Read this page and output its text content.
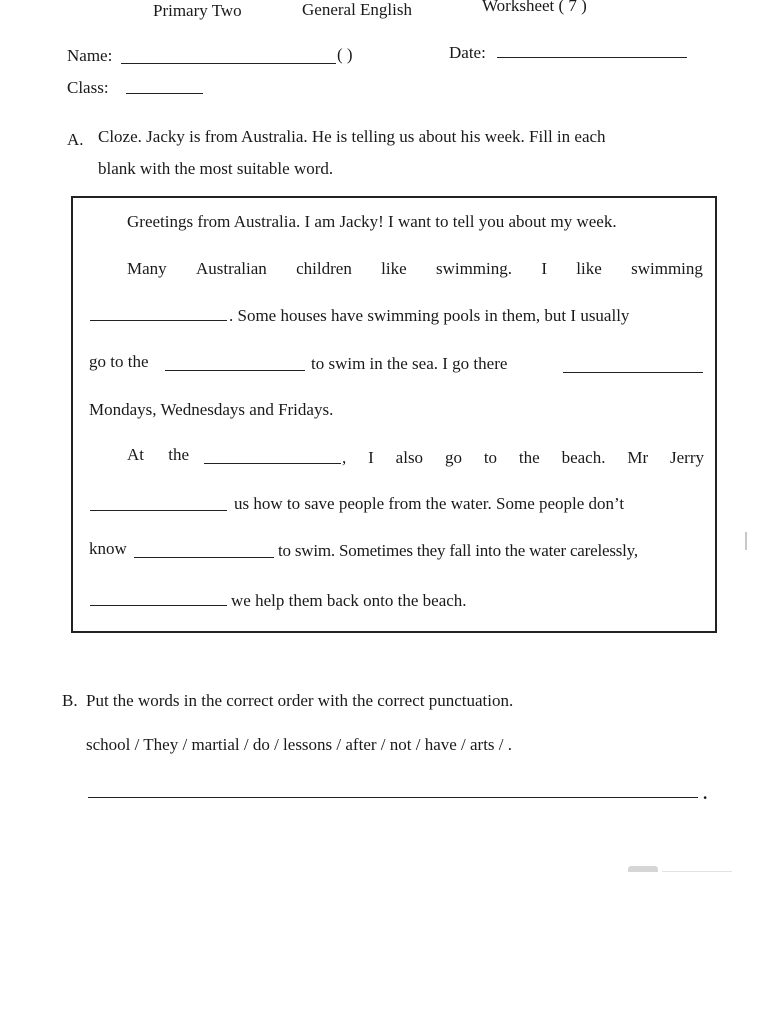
Primary Two	General English	Worksheet ( 7 )
Name:	( )	Date:
Class:
A. Cloze. Jacky is from Australia. He is telling us about his week. Fill in each
blank with the most suitable word.
Greetings from Australia. I am Jacky! I want to tell you about my week.
Many Australian children like swimming. I like swimming
. Some houses have swimming pools in them, but I usually
go to the	to swim in the sea. I go there
Mondays, Wednesdays and Fridays.
At the	, I also go to the beach. Mr Jerry
us how to save people from the water. Some people don’t
know	to swim. Sometimes they fall into the water carelessly,
we help them back onto the beach.
B. Put the words in the correct order with the correct punctuation.
school / They / martial / do / lessons / after / not / have / arts / .
.
